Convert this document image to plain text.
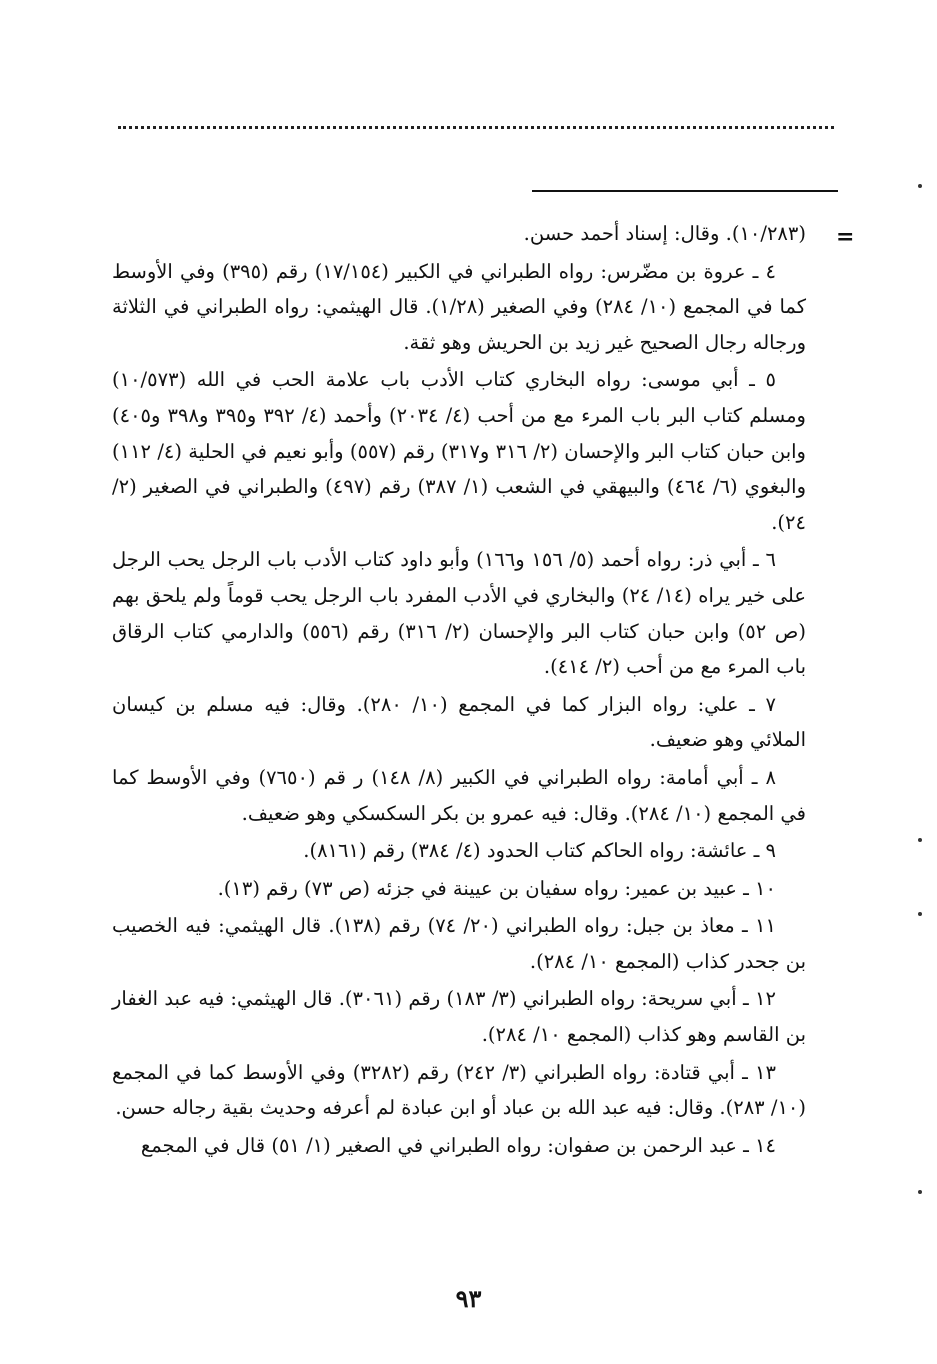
=

(١٠/٢٨٣). وقال: إسناد أحمد حسن.

٤ ـ عروة بن مضّرس: رواه الطبراني في الكبير (١٧/١٥٤) رقم (٣٩٥) وفي الأوسط كما في المجمع (١٠/ ٢٨٤) وفي الصغير (١/٢٨). قال الهيثمي: رواه الطبراني في الثلاثة ورجاله رجال الصحيح غير زيد بن الحريش وهو ثقة.

٥ ـ أبي موسى: رواه البخاري كتاب الأدب باب علامة الحب في الله (١٠/٥٧٣) ومسلم كتاب البر باب المرء مع من أحب (٤/ ٢٠٣٤) وأحمد (٤/ ٣٩٢ و٣٩٥ و٣٩٨ و٤٠٥) وابن حبان كتاب البر والإحسان (٢/ ٣١٦ و٣١٧) رقم (٥٥٧) وأبو نعيم في الحلية (٤/ ١١٢) والبغوي (٦/ ٤٦٤) والبيهقي في الشعب (١/ ٣٨٧) رقم (٤٩٧) والطبراني في الصغير (٢/ ٢٤).

٦ ـ أبي ذر: رواه أحمد (٥/ ١٥٦ و١٦٦) وأبو داود كتاب الأدب باب الرجل يحب الرجل على خير يراه (١٤/ ٢٤) والبخاري في الأدب المفرد باب الرجل يحب قوماً ولم يلحق بهم (ص ٥٢) وابن حبان كتاب البر والإحسان (٢/ ٣١٦) رقم (٥٥٦) والدارمي كتاب الرقاق باب المرء مع من أحب (٢/ ٤١٤).

٧ ـ علي: رواه البزار كما في المجمع (١٠/ ٢٨٠). وقال: فيه مسلم بن كيسان الملائي وهو ضعيف.

٨ ـ أبي أمامة: رواه الطبراني في الكبير (٨/ ١٤٨) ر قم (٧٦٥٠) وفي الأوسط كما في المجمع (١٠/ ٢٨٤). وقال: فيه عمرو بن بكر السكسكي وهو ضعيف.

٩ ـ عائشة: رواه الحاكم كتاب الحدود (٤/ ٣٨٤) رقم (٨١٦١).

١٠ ـ عبيد بن عمير: رواه سفيان بن عيينة في جزئه (ص ٧٣) رقم (١٣).

١١ ـ معاذ بن جبل: رواه الطبراني (٢٠/ ٧٤) رقم (١٣٨). قال الهيثمي: فيه الخصيب بن جحدر كذاب (المجمع ١٠/ ٢٨٤).

١٢ ـ أبي سريحة: رواه الطبراني (٣/ ١٨٣) رقم (٣٠٦١). قال الهيثمي: فيه عبد الغفار بن القاسم وهو كذاب (المجمع ١٠/ ٢٨٤).

١٣ ـ أبي قتادة: رواه الطبراني (٣/ ٢٤٢) رقم (٣٢٨٢) وفي الأوسط كما في المجمع (١٠/ ٢٨٣). وقال: فيه عبد الله بن عباد أو ابن عبادة لم أعرفه وحديث بقية رجاله حسن.

١٤ ـ عبد الرحمن بن صفوان: رواه الطبراني في الصغير (١/ ٥١) قال في المجمع

٩٣
